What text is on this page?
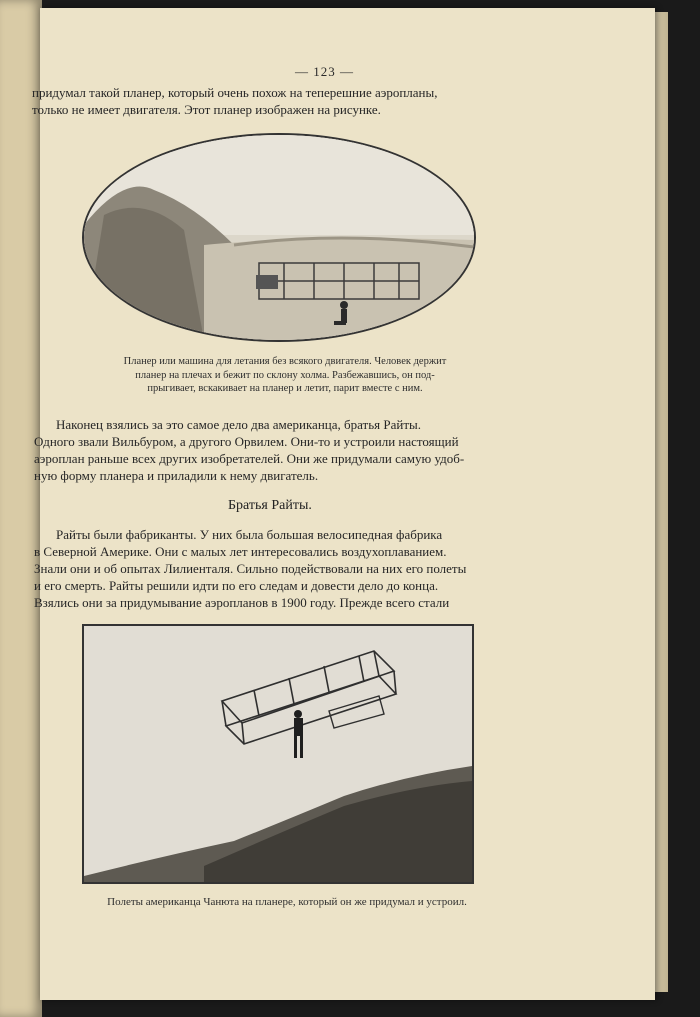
— 123 —
придумал такой планер, который очень похож на теперешние аэропланы,
только не имеет двигателя. Этот планер изображен на рисунке.
Планер или машина для летания без всякого двигателя. Человек держит
планер на плечах и бежит по склону холма. Разбежавшись, он под-
прыгивает, вскакивает на планер и летит, парит вместе с ним.
Наконец взялись за это самое дело два американца, братья Райты.
Одного звали Вильбуром, а другого Орвилем. Они-то и устроили настоящий
аэроплан раньше всех других изобретателей. Они же придумали самую удоб-
ную форму планера и приладили к нему двигатель.
Братья Райты.
Райты были фабриканты. У них была большая велосипедная фабрика
в Северной Америке. Они с малых лет интересовались воздухоплаванием.
Знали они и об опытах Лилиенталя. Сильно подействовали на них его полеты
и его смерть. Райты решили идти по его следам и довести дело до конца.
Взялись они за придумывание аэропланов в 1900 году. Прежде всего стали
Полеты американца Чанюта на планере, который он же придумал и устроил.
